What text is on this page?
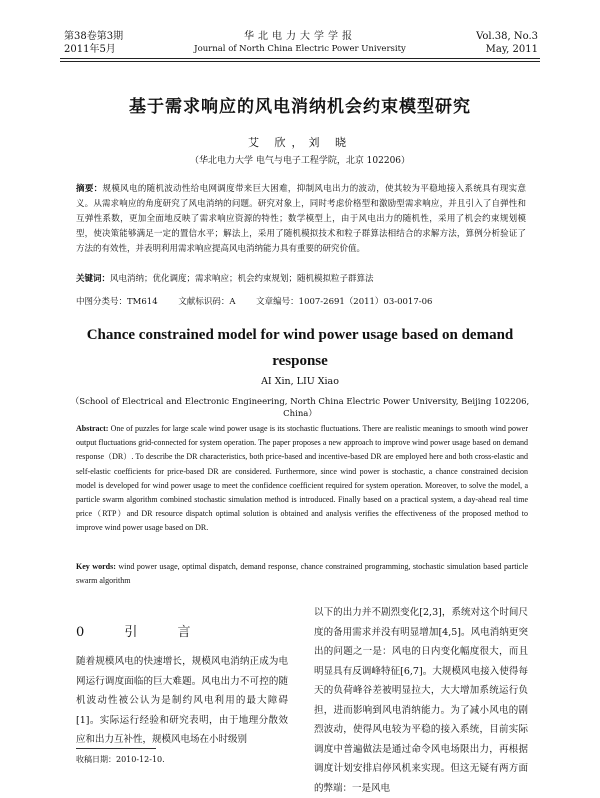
第38卷第3期
2011年5月
华北电力大学学报
Journal of North China Electric Power University
Vol.38, No.3
May, 2011
基于需求响应的风电消纳机会约束模型研究
艾 欣，刘 晓
（华北电力大学 电气与电子工程学院，北京 102206）
摘要：规模风电的随机波动性给电网调度带来巨大困难，抑制风电出力的波动，使其较为平稳地接入系统具有现实意义。从需求响应的角度研究了风电消纳的问题。研究对象上，同时考虑价格型和激励型需求响应，并且引入了自弹性和互弹性系数，更加全面地反映了需求响应资源的特性；数学模型上，由于风电出力的随机性，采用了机会约束规划模型，使决策能够满足一定的置信水平；解法上，采用了随机模拟技术和粒子群算法相结合的求解方法，算例分析验证了方法的有效性，并表明利用需求响应提高风电消纳能力具有重要的研究价值。
关键词：风电消纳；优化调度；需求响应；机会约束规划；随机模拟粒子群算法
中图分类号：TM614 文献标识码：A 文章编号：1007-2691（2011）03-0017-06
Chance constrained model for wind power usage based on demand response
AI Xin, LIU Xiao
（School of Electrical and Electronic Engineering, North China Electric Power University, Beijing 102206, China）
Abstract: One of puzzles for large scale wind power usage is its stochastic fluctuations. There are realistic meanings to smooth wind power output fluctuations grid-connected for system operation. The paper proposes a new approach to improve wind power usage based on demand response（DR）. To describe the DR characteristics, both price-based and incentive-based DR are employed here and both cross-elastic and self-elastic coefficients for price-based DR are considered. Furthermore, since wind power is stochastic, a chance constrained decision model is developed for wind power usage to meet the confidence coefficient required for system operation. Moreover, to solve the model, a particle swarm algorithm combined stochastic simulation method is introduced. Finally based on a practical system, a day-ahead real time price（RTP）and DR resource dispatch optimal solution is obtained and analysis verifies the effectiveness of the proposed method to improve wind power usage based on DR.
Key words: wind power usage, optimal dispatch, demand response, chance constrained programming, stochastic simulation based particle swarm algorithm
0 引 言
随着规模风电的快速增长，规模风电消纳正成为电网运行调度面临的巨大难题。风电出力不可控的随机波动性被公认为是制约风电利用的最大障碍[1]。实际运行经验和研究表明，由于地理分散效应和出力互补性，规模风电场在小时级别
以下的出力并不剧烈变化[2,3]，系统对这个时间尺度的备用需求并没有明显增加[4,5]。风电消纳更突出的问题之一是：风电的日内变化幅度很大，而且明显具有反调峰特征[6,7]。大规模风电接入使得每天的负荷峰谷差被明显拉大，大大增加系统运行负担，进而影响到风电消纳能力。为了减小风电的剧烈波动，使得风电较为平稳的接入系统，目前实际调度中普遍做法是通过命令风电场限出力，再根据调度计划安排启停风机来实现。但这无疑有两方面的弊端：一是风电
收稿日期：2010-12-10.
